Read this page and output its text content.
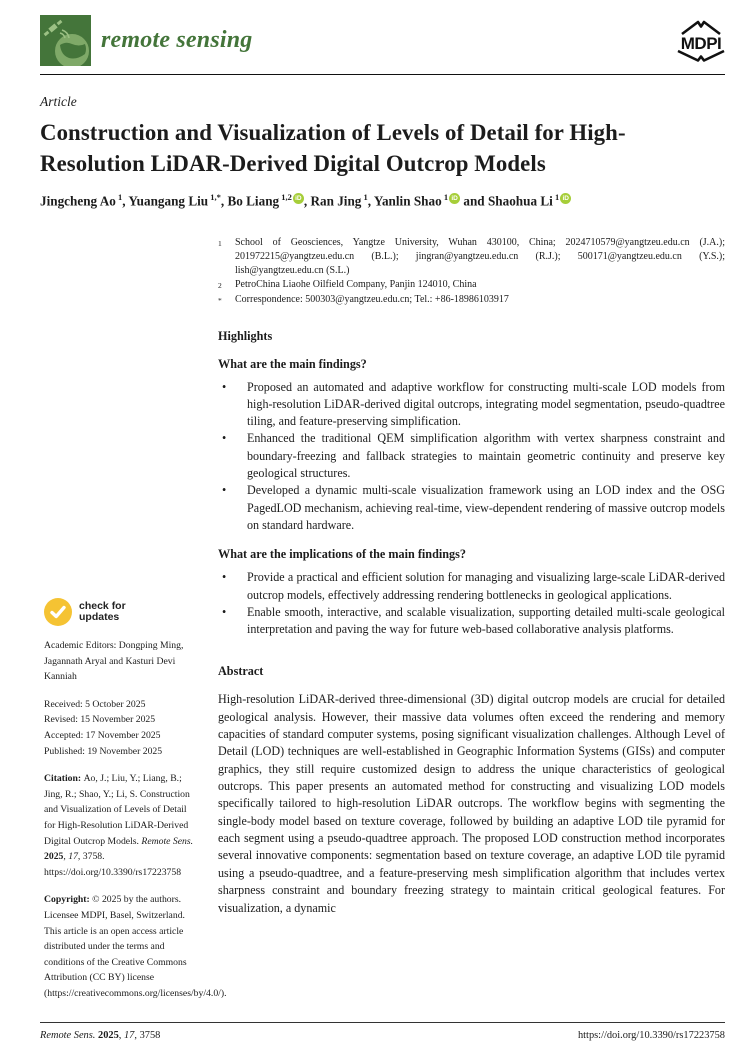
remote sensing	MDPI
Article
Construction and Visualization of Levels of Detail for High-Resolution LiDAR-Derived Digital Outcrop Models
Jingcheng Ao $^1$, Yuangang Liu $^{1,*}$, Bo Liang $^{1,2}$ iD , Ran Jing $^1$, Yanlin Shao $^1$ iD and Shaohua Li $^1$ iD
1	School of Geosciences, Yangtze University, Wuhan 430100, China; 2024710579@yangtzeu.edu.cn (J.A.); 201972215@yangtzeu.edu.cn (B.L.); jingran@yangtzeu.edu.cn (R.J.); 500171@yangtzeu.edu.cn (Y.S.); lish@yangtzeu.edu.cn (S.L.)
2	PetroChina Liaohe Oilfield Company, Panjin 124010, China
*	Correspondence: 500303@yangtzeu.edu.cn; Tel.: +86-18986103917
Highlights
What are the main findings?
•	Proposed an automated and adaptive workflow for constructing multi-scale LOD models from high-resolution LiDAR-derived digital outcrops, integrating model segmentation, pseudo-quadtree tiling, and feature-preserving simplification.
•	Enhanced the traditional QEM simplification algorithm with vertex sharpness constraint and boundary-freezing and fallback strategies to maintain geometric continuity and preserve key geological structures.
•	Developed a dynamic multi-scale visualization framework using an LOD index and the OSG PagedLOD mechanism, achieving real-time, view-dependent rendering of massive outcrop models on standard hardware.
What are the implications of the main findings?
•	Provide a practical and efficient solution for managing and visualizing large-scale LiDAR-derived outcrop models, effectively addressing rendering bottlenecks in geological applications.
•	Enable smooth, interactive, and scalable visualization, supporting detailed multi-scale geological interpretation and paving the way for future web-based collaborative analysis platforms.
Abstract
High-resolution LiDAR-derived three-dimensional (3D) digital outcrop models are crucial for detailed geological analysis. However, their massive data volumes often exceed the rendering and memory capacities of standard computer systems, posing significant visualization challenges. Although Level of Detail (LOD) techniques are well-established in Geographic Information Systems (GISs) and computer graphics, they still require customized design to address the unique characteristics of geological outcrops. This paper presents an automated method for constructing and visualizing LOD models specifically tailored to high-resolution LiDAR outcrops. The workflow begins with segmenting the single-body model based on texture coverage, followed by building an adaptive LOD tile pyramid for each segment using a pseudo-quadtree approach. The proposed LOD construction method incorporates several innovative components: segmentation based on texture coverage, an adaptive LOD tile pyramid using a pseudo-quadtree, and a feature-preserving mesh simplification algorithm that includes vertex sharpness constraint and boundary freezing strategy to maintain critical geological features. For visualization, a dynamic
check for
updates
Academic Editors: Dongping Ming, Jagannath Aryal and Kasturi Devi Kanniah
Received: 5 October 2025
Revised: 15 November 2025
Accepted: 17 November 2025
Published: 19 November 2025
Citation: Ao, J.; Liu, Y.; Liang, B.; Jing, R.; Shao, Y.; Li, S. Construction and Visualization of Levels of Detail for High-Resolution LiDAR-Derived Digital Outcrop Models. Remote Sens. 2025, 17, 3758. https://doi.org/10.3390/rs17223758
Copyright: © 2025 by the authors. Licensee MDPI, Basel, Switzerland. This article is an open access article distributed under the terms and conditions of the Creative Commons Attribution (CC BY) license (https://creativecommons.org/licenses/by/4.0/).
Remote Sens. 2025, 17, 3758	https://doi.org/10.3390/rs17223758
